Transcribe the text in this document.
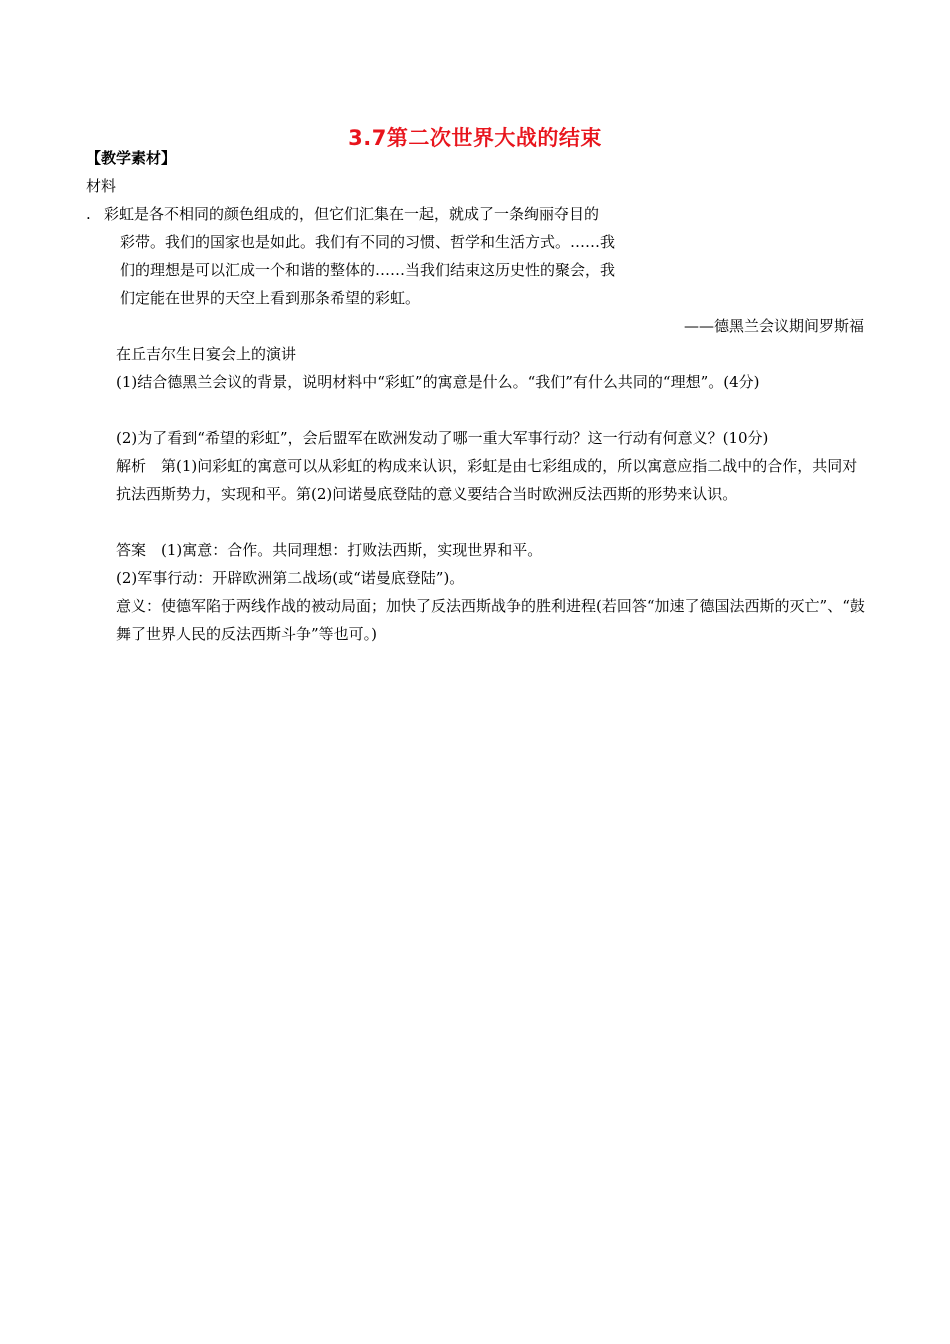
3.7第二次世界大战的结束
【教学素材】
材料
. 彩虹是各不相同的颜色组成的，但它们汇集在一起，就成了一条绚丽夺目的
彩带。我们的国家也是如此。我们有不同的习惯、哲学和生活方式。……我
们的理想是可以汇成一个和谐的整体的……当我们结束这历史性的聚会，我
们定能在世界的天空上看到那条希望的彩虹。
——德黑兰会议期间罗斯福
在丘吉尔生日宴会上的演讲
(1)结合德黑兰会议的背景，说明材料中“彩虹”的寓意是什么。“我们”有什么共同的“理想”。(4分)
(2)为了看到“希望的彩虹”，会后盟军在欧洲发动了哪一重大军事行动？这一行动有何意义？(10分)
解析　第(1)问彩虹的寓意可以从彩虹的构成来认识，彩虹是由七彩组成的，所以寓意应指二战中的合作，共同对抗法西斯势力，实现和平。第(2)问诺曼底登陆的意义要结合当时欧洲反法西斯的形势来认识。
答案　(1)寓意：合作。共同理想：打败法西斯，实现世界和平。
(2)军事行动：开辟欧洲第二战场(或“诺曼底登陆”)。
意义：使德军陷于两线作战的被动局面；加快了反法西斯战争的胜利进程(若回答“加速了德国法西斯的灭亡”、“鼓舞了世界人民的反法西斯斗争”等也可。)
